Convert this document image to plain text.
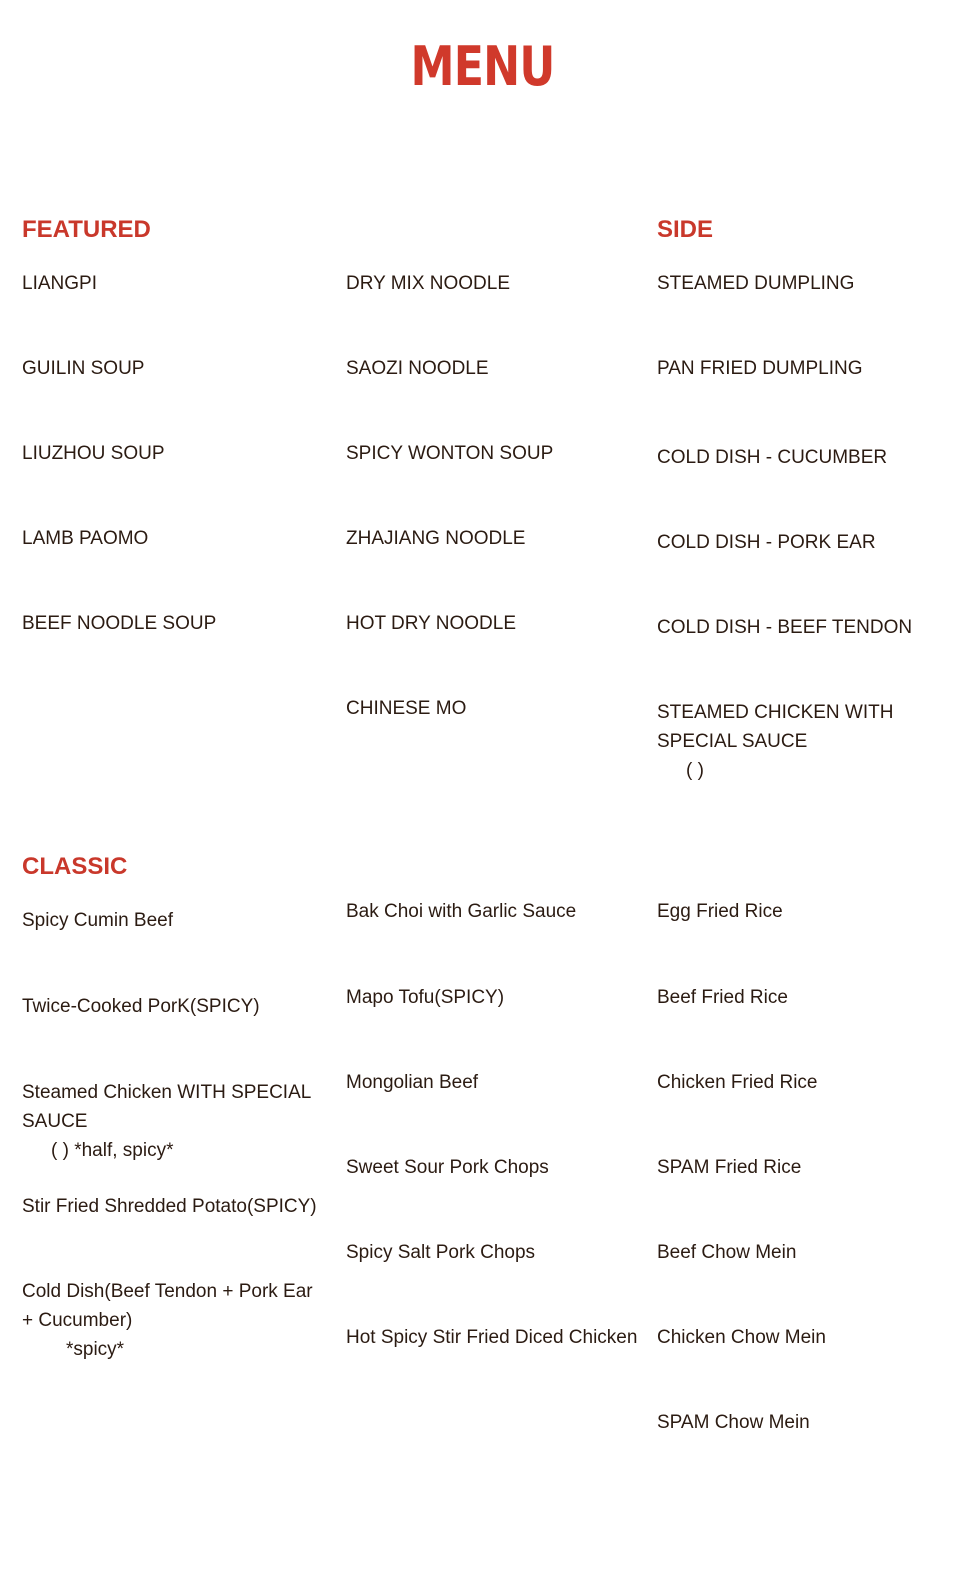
MENU
FEATURED
LIANGPI
GUILIN SOUP
LIUZHOU SOUP
LAMB PAOMO
BEEF NOODLE SOUP
DRY MIX NOODLE
SAOZI NOODLE
SPICY WONTON SOUP
ZHAJIANG NOODLE
HOT DRY NOODLE
CHINESE MO
SIDE
STEAMED DUMPLING
PAN FRIED DUMPLING
COLD DISH - CUCUMBER
COLD DISH - PORK EAR
COLD DISH - BEEF TENDON
STEAMED CHICKEN WITH
SPECIAL SAUCE
( )
CLASSIC
Spicy Cumin Beef
Twice-Cooked PorK(SPICY)
Steamed Chicken WITH SPECIAL
SAUCE
( ) *half, spicy*
Stir Fried Shredded Potato(SPICY)
Cold Dish(Beef Tendon + Pork Ear
+ Cucumber)
*spicy*
Bak Choi with Garlic Sauce
Mapo Tofu(SPICY)
Mongolian Beef
Sweet Sour Pork Chops
Spicy Salt Pork Chops
Hot Spicy Stir Fried Diced Chicken
Egg Fried Rice
Beef Fried Rice
Chicken Fried Rice
SPAM Fried Rice
Beef Chow Mein
Chicken Chow Mein
SPAM Chow Mein
